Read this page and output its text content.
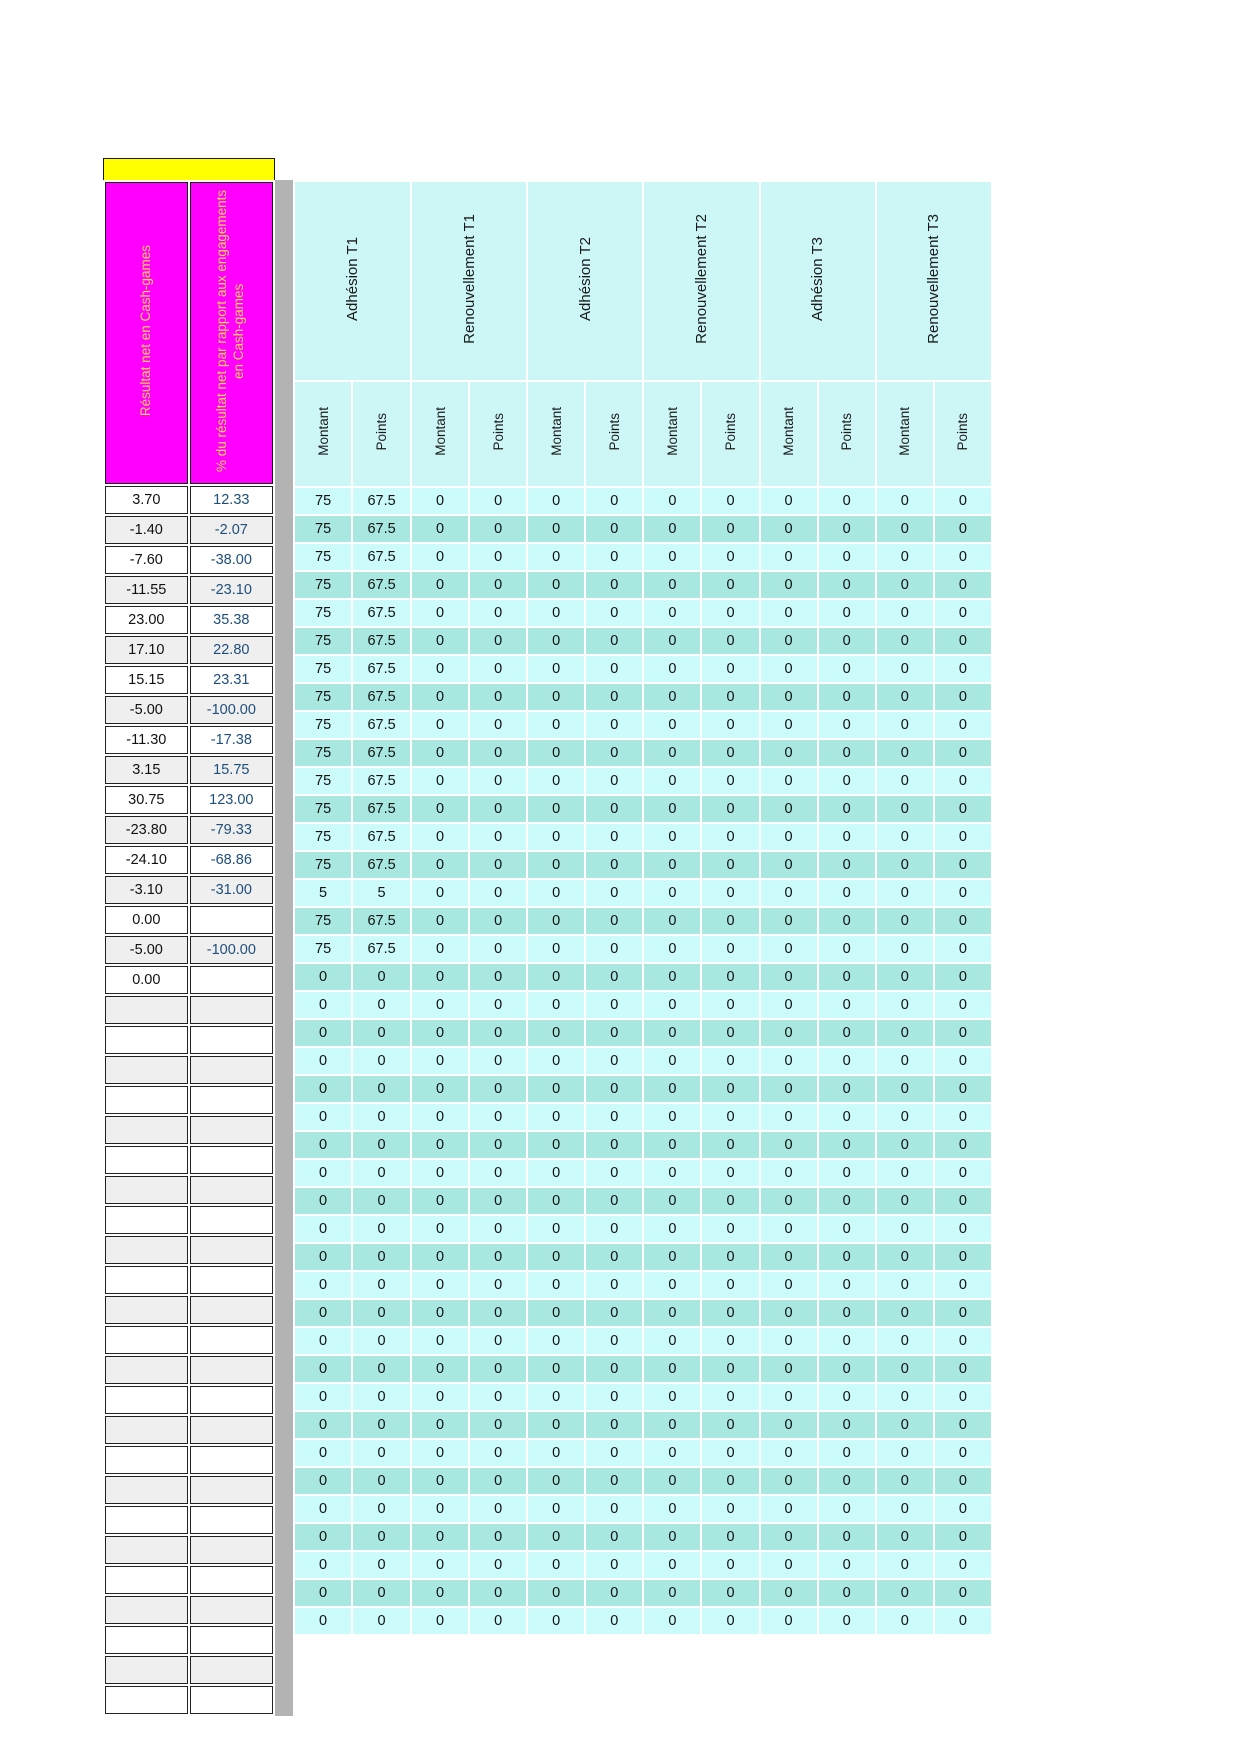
Résultat net en Cash-games	% du résultat net par rapport aux engagements en Cash-games
3.70	12.33
-1.40	-2.07
-7.60	-38.00
-11.55	-23.10
23.00	35.38
17.10	22.80
15.15	23.31
-5.00	-100.00
-11.30	-17.38
3.15	15.75
30.75	123.00
-23.80	-79.33
-24.10	-68.86
-3.10	-31.00
0.00	
-5.00	-100.00
0.00	

Adhésion T1		Renouvellement T1		Adhésion T2		Renouvellement T2		Adhésion T3		Renouvellement T3	
Montant	Points	Montant	Points	Montant	Points	Montant	Points	Montant	Points	Montant	Points
75	67.5	0	0	0	0	0	0	0	0	0	0
75	67.5	0	0	0	0	0	0	0	0	0	0
75	67.5	0	0	0	0	0	0	0	0	0	0
75	67.5	0	0	0	0	0	0	0	0	0	0
75	67.5	0	0	0	0	0	0	0	0	0	0
75	67.5	0	0	0	0	0	0	0	0	0	0
75	67.5	0	0	0	0	0	0	0	0	0	0
75	67.5	0	0	0	0	0	0	0	0	0	0
75	67.5	0	0	0	0	0	0	0	0	0	0
75	67.5	0	0	0	0	0	0	0	0	0	0
75	67.5	0	0	0	0	0	0	0	0	0	0
75	67.5	0	0	0	0	0	0	0	0	0	0
75	67.5	0	0	0	0	0	0	0	0	0	0
75	67.5	0	0	0	0	0	0	0	0	0	0
5	5	0	0	0	0	0	0	0	0	0	0
75	67.5	0	0	0	0	0	0	0	0	0	0
75	67.5	0	0	0	0	0	0	0	0	0	0
0	0	0	0	0	0	0	0	0	0	0	0
0	0	0	0	0	0	0	0	0	0	0	0
0	0	0	0	0	0	0	0	0	0	0	0
0	0	0	0	0	0	0	0	0	0	0	0
0	0	0	0	0	0	0	0	0	0	0	0
0	0	0	0	0	0	0	0	0	0	0	0
0	0	0	0	0	0	0	0	0	0	0	0
0	0	0	0	0	0	0	0	0	0	0	0
0	0	0	0	0	0	0	0	0	0	0	0
0	0	0	0	0	0	0	0	0	0	0	0
0	0	0	0	0	0	0	0	0	0	0	0
0	0	0	0	0	0	0	0	0	0	0	0
0	0	0	0	0	0	0	0	0	0	0	0
0	0	0	0	0	0	0	0	0	0	0	0
0	0	0	0	0	0	0	0	0	0	0	0
0	0	0	0	0	0	0	0	0	0	0	0
0	0	0	0	0	0	0	0	0	0	0	0
0	0	0	0	0	0	0	0	0	0	0	0
0	0	0	0	0	0	0	0	0	0	0	0
0	0	0	0	0	0	0	0	0	0	0	0
0	0	0	0	0	0	0	0	0	0	0	0
0	0	0	0	0	0	0	0	0	0	0	0
0	0	0	0	0	0	0	0	0	0	0	0
0	0	0	0	0	0	0	0	0	0	0	0
